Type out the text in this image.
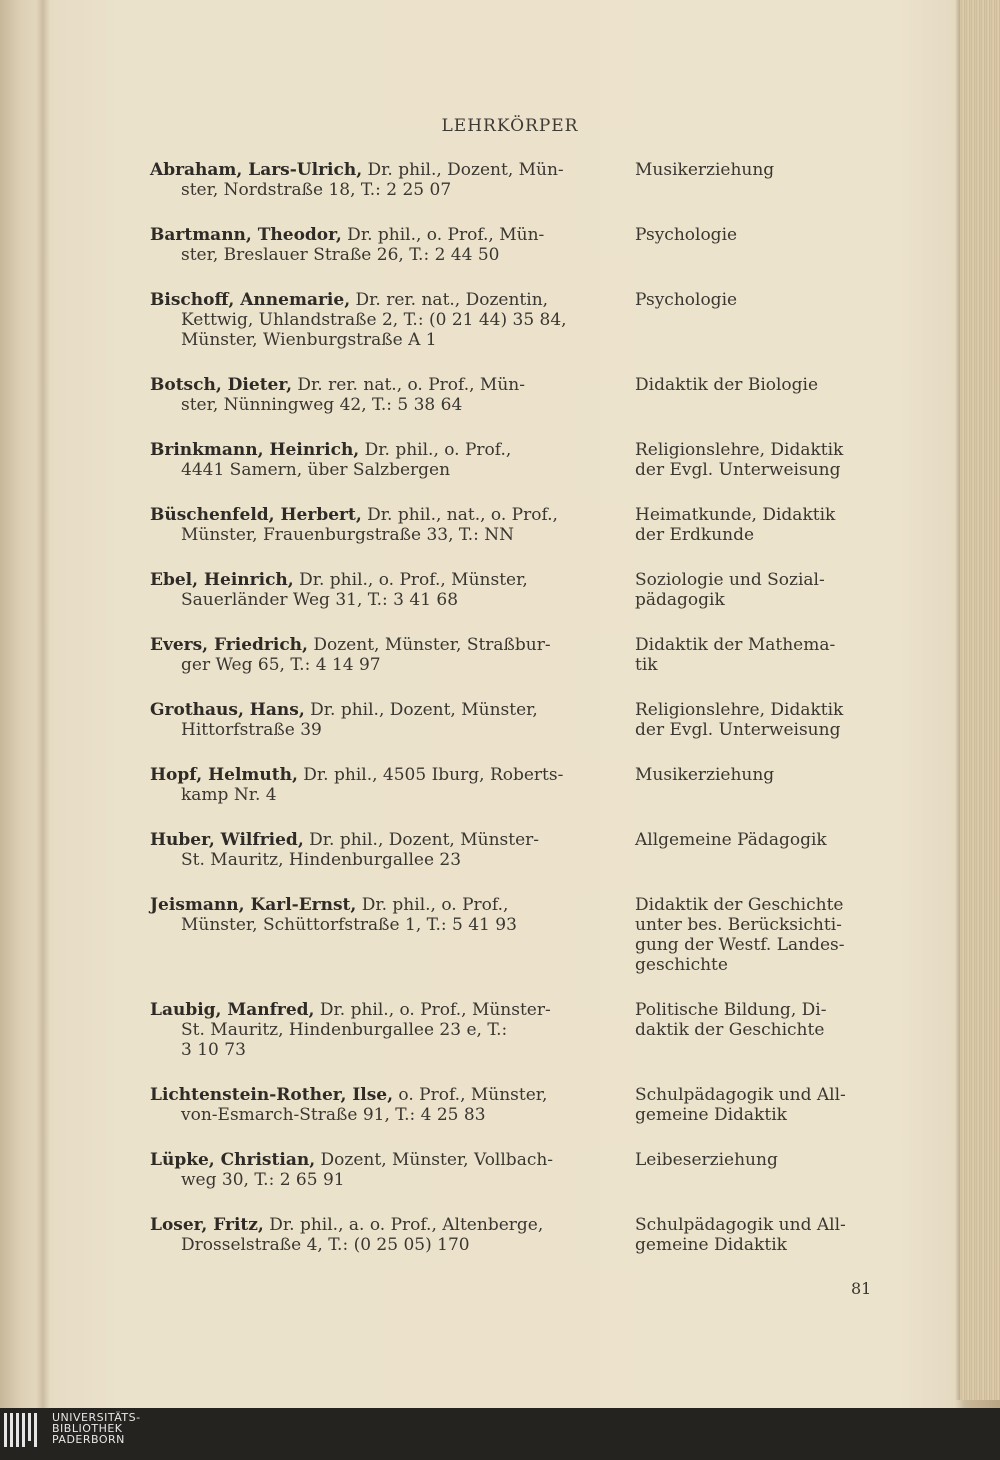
LEHRKÖRPER
Abraham, Lars-Ulrich, Dr. phil., Dozent, Mün-
ster, Nordstraße 18, T.: 2 25 07
Musikerziehung
Bartmann, Theodor, Dr. phil., o. Prof., Mün-
ster, Breslauer Straße 26, T.: 2 44 50
Psychologie
Bischoff, Annemarie, Dr. rer. nat., Dozentin,
Kettwig, Uhlandstraße 2, T.: (0 21 44) 35 84,
Münster, Wienburgstraße A 1
Psychologie
Botsch, Dieter, Dr. rer. nat., o. Prof., Mün-
ster, Nünningweg 42, T.: 5 38 64
Didaktik der Biologie
Brinkmann, Heinrich, Dr. phil., o. Prof.,
4441 Samern, über Salzbergen
Religionslehre, Didaktik
der Evgl. Unterweisung
Büschenfeld, Herbert, Dr. phil., nat., o. Prof.,
Münster, Frauenburgstraße 33, T.: NN
Heimatkunde, Didaktik
der Erdkunde
Ebel, Heinrich, Dr. phil., o. Prof., Münster,
Sauerländer Weg 31, T.: 3 41 68
Soziologie und Sozial-
pädagogik
Evers, Friedrich, Dozent, Münster, Straßbur-
ger Weg 65, T.: 4 14 97
Didaktik der Mathema-
tik
Grothaus, Hans, Dr. phil., Dozent, Münster,
Hittorfstraße 39
Religionslehre, Didaktik
der Evgl. Unterweisung
Hopf, Helmuth, Dr. phil., 4505 Iburg, Roberts-
kamp Nr. 4
Musikerziehung
Huber, Wilfried, Dr. phil., Dozent, Münster-
St. Mauritz, Hindenburgallee 23
Allgemeine Pädagogik
Jeismann, Karl-Ernst, Dr. phil., o. Prof.,
Münster, Schüttorfstraße 1, T.: 5 41 93
Didaktik der Geschichte
unter bes. Berücksichti-
gung der Westf. Landes-
geschichte
Laubig, Manfred, Dr. phil., o. Prof., Münster-
St. Mauritz, Hindenburgallee 23 e, T.:
3 10 73
Politische Bildung, Di-
daktik der Geschichte
Lichtenstein-Rother, Ilse, o. Prof., Münster,
von-Esmarch-Straße 91, T.: 4 25 83
Schulpädagogik und All-
gemeine Didaktik
Lüpke, Christian, Dozent, Münster, Vollbach-
weg 30, T.: 2 65 91
Leibeserziehung
Loser, Fritz, Dr. phil., a. o. Prof., Altenberge,
Drosselstraße 4, T.: (0 25 05) 170
Schulpädagogik und All-
gemeine Didaktik
81
UNIVERSITÄTS-
BIBLIOTHEK
PADERBORN
